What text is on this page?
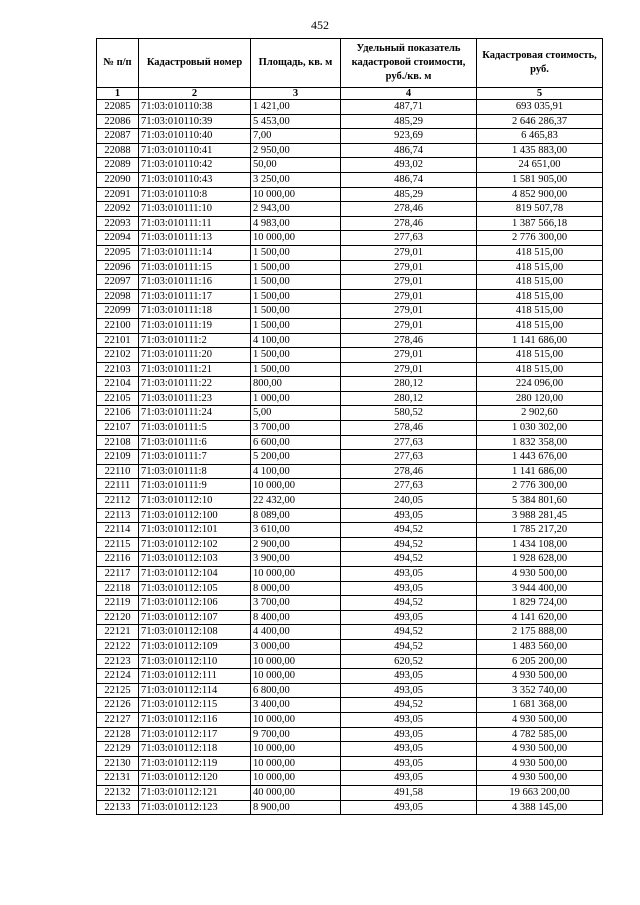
452
№ п/п	Кадастровый номер	Площадь, кв. м	Удельный показатель кадастровой стоимости, руб./кв. м	Кадастровая стоимость, руб.
1	2	3	4	5
22085	71:03:010110:38	1 421,00	487,71	693 035,91
22086	71:03:010110:39	5 453,00	485,29	2 646 286,37
22087	71:03:010110:40	7,00	923,69	6 465,83
22088	71:03:010110:41	2 950,00	486,74	1 435 883,00
22089	71:03:010110:42	50,00	493,02	24 651,00
22090	71:03:010110:43	3 250,00	486,74	1 581 905,00
22091	71:03:010110:8	10 000,00	485,29	4 852 900,00
22092	71:03:010111:10	2 943,00	278,46	819 507,78
22093	71:03:010111:11	4 983,00	278,46	1 387 566,18
22094	71:03:010111:13	10 000,00	277,63	2 776 300,00
22095	71:03:010111:14	1 500,00	279,01	418 515,00
22096	71:03:010111:15	1 500,00	279,01	418 515,00
22097	71:03:010111:16	1 500,00	279,01	418 515,00
22098	71:03:010111:17	1 500,00	279,01	418 515,00
22099	71:03:010111:18	1 500,00	279,01	418 515,00
22100	71:03:010111:19	1 500,00	279,01	418 515,00
22101	71:03:010111:2	4 100,00	278,46	1 141 686,00
22102	71:03:010111:20	1 500,00	279,01	418 515,00
22103	71:03:010111:21	1 500,00	279,01	418 515,00
22104	71:03:010111:22	800,00	280,12	224 096,00
22105	71:03:010111:23	1 000,00	280,12	280 120,00
22106	71:03:010111:24	5,00	580,52	2 902,60
22107	71:03:010111:5	3 700,00	278,46	1 030 302,00
22108	71:03:010111:6	6 600,00	277,63	1 832 358,00
22109	71:03:010111:7	5 200,00	277,63	1 443 676,00
22110	71:03:010111:8	4 100,00	278,46	1 141 686,00
22111	71:03:010111:9	10 000,00	277,63	2 776 300,00
22112	71:03:010112:10	22 432,00	240,05	5 384 801,60
22113	71:03:010112:100	8 089,00	493,05	3 988 281,45
22114	71:03:010112:101	3 610,00	494,52	1 785 217,20
22115	71:03:010112:102	2 900,00	494,52	1 434 108,00
22116	71:03:010112:103	3 900,00	494,52	1 928 628,00
22117	71:03:010112:104	10 000,00	493,05	4 930 500,00
22118	71:03:010112:105	8 000,00	493,05	3 944 400,00
22119	71:03:010112:106	3 700,00	494,52	1 829 724,00
22120	71:03:010112:107	8 400,00	493,05	4 141 620,00
22121	71:03:010112:108	4 400,00	494,52	2 175 888,00
22122	71:03:010112:109	3 000,00	494,52	1 483 560,00
22123	71:03:010112:110	10 000,00	620,52	6 205 200,00
22124	71:03:010112:111	10 000,00	493,05	4 930 500,00
22125	71:03:010112:114	6 800,00	493,05	3 352 740,00
22126	71:03:010112:115	3 400,00	494,52	1 681 368,00
22127	71:03:010112:116	10 000,00	493,05	4 930 500,00
22128	71:03:010112:117	9 700,00	493,05	4 782 585,00
22129	71:03:010112:118	10 000,00	493,05	4 930 500,00
22130	71:03:010112:119	10 000,00	493,05	4 930 500,00
22131	71:03:010112:120	10 000,00	493,05	4 930 500,00
22132	71:03:010112:121	40 000,00	491,58	19 663 200,00
22133	71:03:010112:123	8 900,00	493,05	4 388 145,00
